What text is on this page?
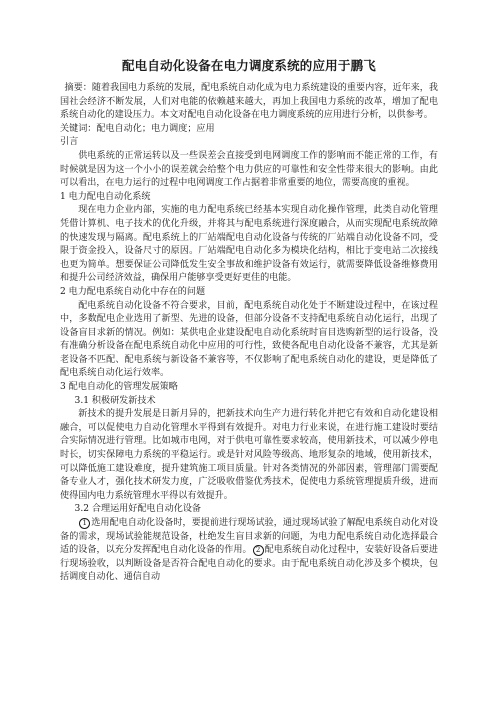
配电自动化设备在电力调度系统的应用于鹏飞

摘要：随着我国电力系统的发展，配电系统自动化成为电力系统建设的重要内容，近年来，我国社会经济不断发展，人们对电能的依赖越来越大，再加上我国电力系统的改革，增加了配电系统自动化的建设压力。本文对配电自动化设备在电力调度系统的应用进行分析，以供参考。

关键词：配电自动化；电力调度；应用

引言

供电系统的正常运转以及一些误差会直接受到电网调度工作的影响而不能正常的工作，有时候就是因为这一个小小的误差就会给整个电力供应的可靠性和安全性带来很大的影响。由此可以看出，在电力运行的过程中电网调度工作占据着非常重要的地位，需要高度的重视。

1 电力配电自动化系统

现在电力企业内部，实施的电力配电系统已经基本实现自动化操作管理，此类自动化管理凭借计算机、电子技术的优化升级，并将其与配电系统进行深度融合，从而实现配电系统故障的快速发现与隔离。配电系统上的厂站端配电自动化设备与传统的厂站端自动化设备不同，受限于资金投入，设备尺寸的原因。厂站端配电自动化多为模块化结构，相比于变电站二次接线也更为简单。想要保证公司降低发生安全事故和维护设备有效运行，就需要降低设备维修费用和提升公司经济效益，确保用户能够享受更好更佳的电能。

2 电力配电系统自动化中存在的问题

配电系统自动化设备不符合要求，目前，配电系统自动化处于不断建设过程中，在该过程中，多数配电企业选用了新型、先进的设备，但部分设备不支持配电系统自动化运行，出现了设备盲目求新的情况。例如：某供电企业建设配电自动化系统时盲目选购新型的运行设备，没有准确分析设备在配电系统自动化中应用的可行性，致使各配电自动化设备不兼容，尤其是新老设备不匹配、配电系统与新设备不兼容等，不仅影响了配电系统自动化的建设，更是降低了配电系统自动化运行效率。

3 配电自动化的管理发展策略
3.1 积极研发新技术

新技术的提升发展是日新月异的，把新技术向生产力进行转化并把它有效和自动化建设相融合，可以促使电力自动化管理水平得到有效提升。对电力行业来说，在进行施工建设时要结合实际情况进行管理。比如城市电网，对于供电可靠性要求较高，使用新技术，可以减少停电时长，切实保障电力系统的平稳运行。或是针对风险等级高、地形复杂的地域，使用新技术，可以降低施工建设难度，提升建筑施工项目质量。针对各类情况的外部因素，管理部门需要配备专业人才，强化技术研发力度，广泛吸收借鉴优秀技术，促使电力系统管理提质升级，进而使得国内电力系统管理水平得以有效提升。

3.2 合理运用好配电自动化设备

1 选用配电自动化设备时，要提前进行现场试验，通过现场试验了解配电系统自动化对设备的需求，现场试验能规范设备，杜绝发生盲目求新的问题，为电力配电系统自动化选择最合适的设备，以充分发挥配电自动化设备的作用。 2 配电系统自动化过程中，安装好设备后要进行现场验收，以判断设备是否符合配电自动化的要求。由于配电系统自动化涉及多个模块，包括调度自动化、通信自动
